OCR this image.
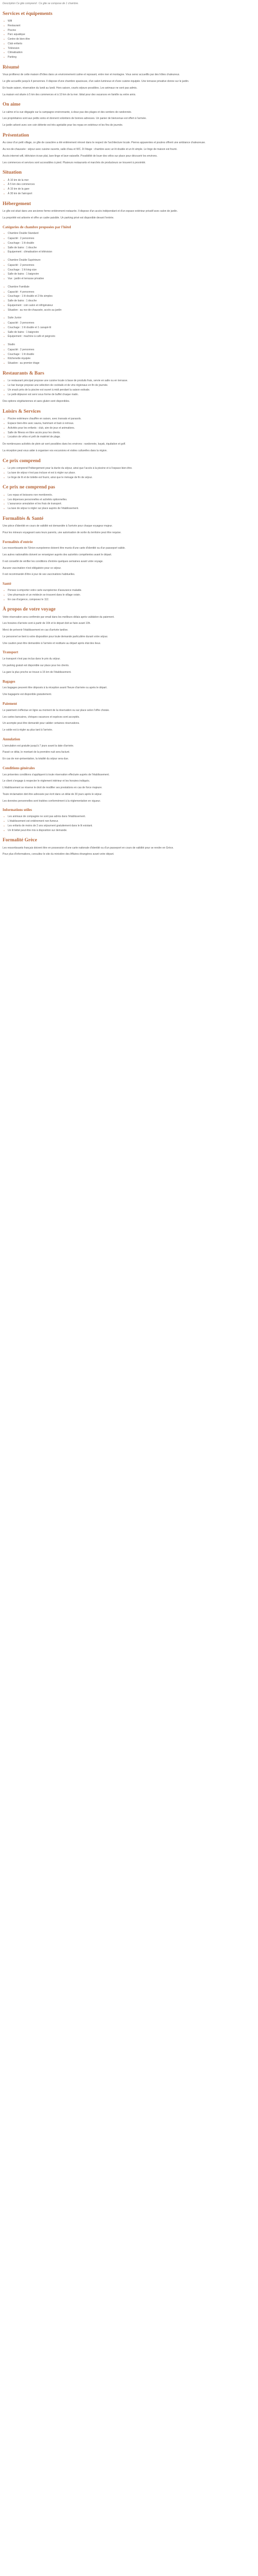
Description Ce gite comprend : Ce gite se compose de 1 chambre.
Services et équipements
● Wifi
● Restaurant
● Piscine
● Parc aquatique
● Centre de bien-être
● Club enfants
● Télévision
● Climatisation
● Parking
Résumé

Vous profiterez de cette maison d'hôtes dans un environnement calme et reposant, entre mer et montagne. Vous serez accueillis par des hôtes chaleureux.

Le gîte accueille jusqu'à 4 personnes. Il dispose d'une chambre spacieuse, d'un salon lumineux et d'une cuisine équipée. Une terrasse privative donne sur le jardin.

En haute saison, réservation du lundi au lundi. Hors saison, courts séjours possibles. Les animaux ne sont pas admis.

La maison est située à 5 km des commerces et à 10 km de la mer. Idéal pour des vacances en famille ou entre amis.

On aime

Le calme et la vue dégagée sur la campagne environnante, à deux pas des plages et des sentiers de randonnée.

Les propriétaires sont aux petits soins et donnent volontiers de bonnes adresses. Un panier de bienvenue est offert à l'arrivée.

Le jardin arboré avec son coin détente est très agréable pour les repas en extérieur et les fins de journée.

Présentation

Au cœur d'un petit village, ce gîte de caractère a été entièrement rénové dans le respect de l'architecture locale. Pierres apparentes et poutres offrent une ambiance chaleureuse.

Au rez-de-chaussée : séjour avec cuisine ouverte, salle d'eau et WC. À l'étage : chambre avec un lit double et un lit simple. Le linge de maison est fourni.

Accès internet wifi, télévision écran plat, lave-linge et lave-vaisselle. Possibilité de louer des vélos sur place pour découvrir les environs.

Les commerces et services sont accessibles à pied. Plusieurs restaurants et marchés de producteurs se trouvent à proximité.

Situation
● À 10 km de la mer
● À 5 km des commerces
● À 15 km de la gare
● À 30 km de l'aéroport
Hébergement

Le gîte est situé dans une ancienne ferme entièrement restaurée. Il dispose d'un accès indépendant et d'un espace extérieur privatif avec salon de jardin.

La propriété est arborée et offre un cadre paisible. Un parking privé est disponible devant l'entrée.

Catégories de chambre proposées par l'hôtel
● Chambre Double Standard
● Capacité : 2 personnes
● Couchage : 1 lit double
● Salle de bains : 1 douche
● Équipement : climatisation et télévision
● Chambre Double Supérieure
● Capacité : 2 personnes
● Couchage : 1 lit king-size
● Salle de bains : 1 baignoire
● Vue : jardin et terrasse privative
● Chambre Familiale
● Capacité : 4 personnes
● Couchage : 1 lit double et 2 lits simples
● Salle de bains : 1 douche
● Équipement : coin salon et réfrigérateur
● Situation : au rez-de-chaussée, accès au jardin
● Suite Junior
● Capacité : 3 personnes
● Couchage : 1 lit double et 1 canapé-lit
● Salle de bains : 1 baignoire
● Équipement : machine à café et peignoirs
● Studio
● Capacité : 2 personnes
● Couchage : 1 lit double
● Kitchenette équipée
● Situation : au premier étage
Restaurants & Bars
● Le restaurant principal propose une cuisine locale à base de produits frais, servie en salle ou en terrasse.
● Le bar lounge propose une sélection de cocktails et de vins régionaux en fin de journée.
● Un snack près de la piscine est ouvert à midi pendant la saison estivale.
● Le petit-déjeuner est servi sous forme de buffet chaque matin.

Des options végétariennes et sans gluten sont disponibles.

Loisirs & Services
● Piscine extérieure chauffée en saison, avec transats et parasols.
● Espace bien-être avec sauna, hammam et bain à remous.
● Activités pour les enfants : club, aire de jeux et animations.
● Salle de fitness en libre accès pour les clients.
● Location de vélos et prêt de matériel de plage.

De nombreuses activités de plein air sont possibles dans les environs : randonnée, kayak, équitation et golf.

La réception peut vous aider à organiser vos excursions et visites culturelles dans la région.

Ce prix comprend
● Le prix comprend l'hébergement pour la durée du séjour, ainsi que l'accès à la piscine et à l'espace bien-être.
● La taxe de séjour n'est pas incluse et est à régler sur place.
● Le linge de lit et de toilette est fourni, ainsi que le ménage de fin de séjour.
Ce prix ne comprend pas
● Les repas et boissons non mentionnés.
● Les dépenses personnelles et activités optionnelles.
● L'assurance annulation et les frais de transport.
● La taxe de séjour à régler sur place auprès de l'établissement.
Formalités & Santé

Une pièce d'identité en cours de validité est demandée à l'arrivée pour chaque voyageur majeur.

Pour les mineurs voyageant sans leurs parents, une autorisation de sortie du territoire peut être requise.

Formalités d'entrée

Les ressortissants de l'Union européenne doivent être munis d'une carte d'identité ou d'un passeport valide.

Les autres nationalités doivent se renseigner auprès des autorités compétentes avant le départ.

Il est conseillé de vérifier les conditions d'entrée quelques semaines avant votre voyage.

Aucune vaccination n'est obligatoire pour ce séjour.

Il est recommandé d'être à jour de ses vaccinations habituelles.

Santé
● Pensez à emporter votre carte européenne d'assurance maladie.
● Une pharmacie et un médecin se trouvent dans le village voisin.
● En cas d'urgence, composez le 112.
À propos de votre voyage

Votre réservation sera confirmée par email dans les meilleurs délais après validation du paiement.

Les horaires d'arrivée sont à partir de 16h et le départ doit se faire avant 10h.

Merci de prévenir l'établissement en cas d'arrivée tardive.

Le personnel se tient à votre disposition pour toute demande particulière durant votre séjour.

Une caution peut être demandée à l'arrivée et restituée au départ après état des lieux.

Transport

Le transport n'est pas inclus dans le prix du séjour.

Un parking gratuit est disponible sur place pour les clients.

La gare la plus proche se trouve à 15 km de l'établissement.

Bagages

Les bagages peuvent être déposés à la réception avant l'heure d'arrivée ou après le départ.

Une bagagerie est disponible gratuitement.

Paiement

Le paiement s'effectue en ligne au moment de la réservation ou sur place selon l'offre choisie.

Les cartes bancaires, chèques vacances et espèces sont acceptés.

Un acompte peut être demandé pour valider certaines réservations.

Le solde est à régler au plus tard à l'arrivée.

Annulation

L'annulation est gratuite jusqu'à 7 jours avant la date d'arrivée.

Passé ce délai, le montant de la première nuit sera facturé.

En cas de non-présentation, la totalité du séjour sera due.

Conditions générales

Les présentes conditions s'appliquent à toute réservation effectuée auprès de l'établissement.

Le client s'engage à respecter le règlement intérieur et les horaires indiqués.

L'établissement se réserve le droit de modifier ses prestations en cas de force majeure.

Toute réclamation doit être adressée par écrit dans un délai de 30 jours après le séjour.

Les données personnelles sont traitées conformément à la réglementation en vigueur.

Informations utiles
● Les animaux de compagnie ne sont pas admis dans l'établissement.
● L'établissement est entièrement non-fumeur.
● Les enfants de moins de 2 ans séjournent gratuitement dans le lit existant.
● Un lit bébé peut être mis à disposition sur demande.
Formalité Grèce

Les ressortissants français doivent être en possession d'une carte nationale d'identité ou d'un passeport en cours de validité pour se rendre en Grèce.

Pour plus d'informations, consultez le site du ministère des Affaires étrangères avant votre départ.
